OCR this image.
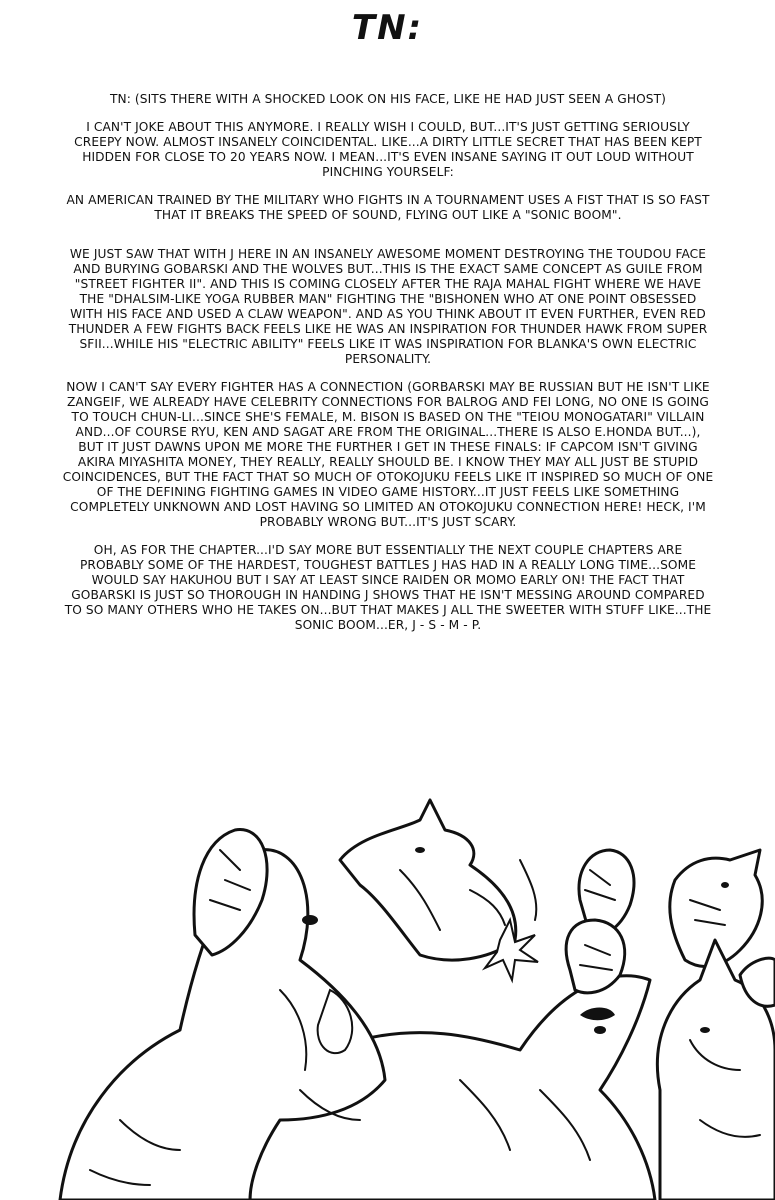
TN:

TN: (SITS THERE WITH A SHOCKED LOOK ON HIS FACE, LIKE HE HAD JUST SEEN A GHOST)

I CAN'T JOKE ABOUT THIS ANYMORE. I REALLY WISH I COULD, BUT...IT'S JUST GETTING SERIOUSLY CREEPY NOW. ALMOST INSANELY COINCIDENTAL. LIKE...A DIRTY LITTLE SECRET THAT HAS BEEN KEPT HIDDEN FOR CLOSE TO 20 YEARS NOW. I MEAN...IT'S EVEN INSANE SAYING IT OUT LOUD WITHOUT PINCHING YOURSELF:

AN AMERICAN TRAINED BY THE MILITARY WHO FIGHTS IN A TOURNAMENT USES A FIST THAT IS SO FAST THAT IT BREAKS THE SPEED OF SOUND, FLYING OUT LIKE A "SONIC BOOM".

WE JUST SAW THAT WITH J HERE IN AN INSANELY AWESOME MOMENT DESTROYING THE TOUDOU FACE AND BURYING GOBARSKI AND THE WOLVES BUT...THIS IS THE EXACT SAME CONCEPT AS GUILE FROM "STREET FIGHTER II". AND THIS IS COMING CLOSELY AFTER THE RAJA MAHAL FIGHT WHERE WE HAVE THE "DHALSIM-LIKE YOGA RUBBER MAN" FIGHTING THE "BISHONEN WHO AT ONE POINT OBSESSED WITH HIS FACE AND USED A CLAW WEAPON". AND AS YOU THINK ABOUT IT EVEN FURTHER, EVEN RED THUNDER A FEW FIGHTS BACK FEELS LIKE HE WAS AN INSPIRATION FOR THUNDER HAWK FROM SUPER SFII...WHILE HIS "ELECTRIC ABILITY" FEELS LIKE IT WAS INSPIRATION FOR BLANKA'S OWN ELECTRIC PERSONALITY.

NOW I CAN'T SAY EVERY FIGHTER HAS A CONNECTION (GORBARSKI MAY BE RUSSIAN BUT HE ISN'T LIKE ZANGEIF, WE ALREADY HAVE CELEBRITY CONNECTIONS FOR BALROG AND FEI LONG, NO ONE IS GOING TO TOUCH CHUN-LI...SINCE SHE'S FEMALE, M. BISON IS BASED ON THE "TEIOU MONOGATARI" VILLAIN AND...OF COURSE RYU, KEN AND SAGAT ARE FROM THE ORIGINAL...THERE IS ALSO E.HONDA BUT...), BUT IT JUST DAWNS UPON ME MORE THE FURTHER I GET IN THESE FINALS: IF CAPCOM ISN'T GIVING AKIRA MIYASHITA MONEY, THEY REALLY, REALLY SHOULD BE. I KNOW THEY MAY ALL JUST BE STUPID COINCIDENCES, BUT THE FACT THAT SO MUCH OF OTOKOJUKU FEELS LIKE IT INSPIRED SO MUCH OF ONE OF THE DEFINING FIGHTING GAMES IN VIDEO GAME HISTORY...IT JUST FEELS LIKE SOMETHING COMPLETELY UNKNOWN AND LOST HAVING SO LIMITED AN OTOKOJUKU CONNECTION HERE! HECK, I'M PROBABLY WRONG BUT...IT'S JUST SCARY.

OH, AS FOR THE CHAPTER...I'D SAY MORE BUT ESSENTIALLY THE NEXT COUPLE CHAPTERS ARE PROBABLY SOME OF THE HARDEST, TOUGHEST BATTLES J HAS HAD IN A REALLY LONG TIME...SOME WOULD SAY HAKUHOU BUT I SAY AT LEAST SINCE RAIDEN OR MOMO EARLY ON! THE FACT THAT GOBARSKI IS JUST SO THOROUGH IN HANDING J SHOWS THAT HE ISN'T MESSING AROUND COMPARED TO SO MANY OTHERS WHO HE TAKES ON...BUT THAT MAKES J ALL THE SWEETER WITH STUFF LIKE...THE SONIC BOOM...ER, J - S - M - P.
